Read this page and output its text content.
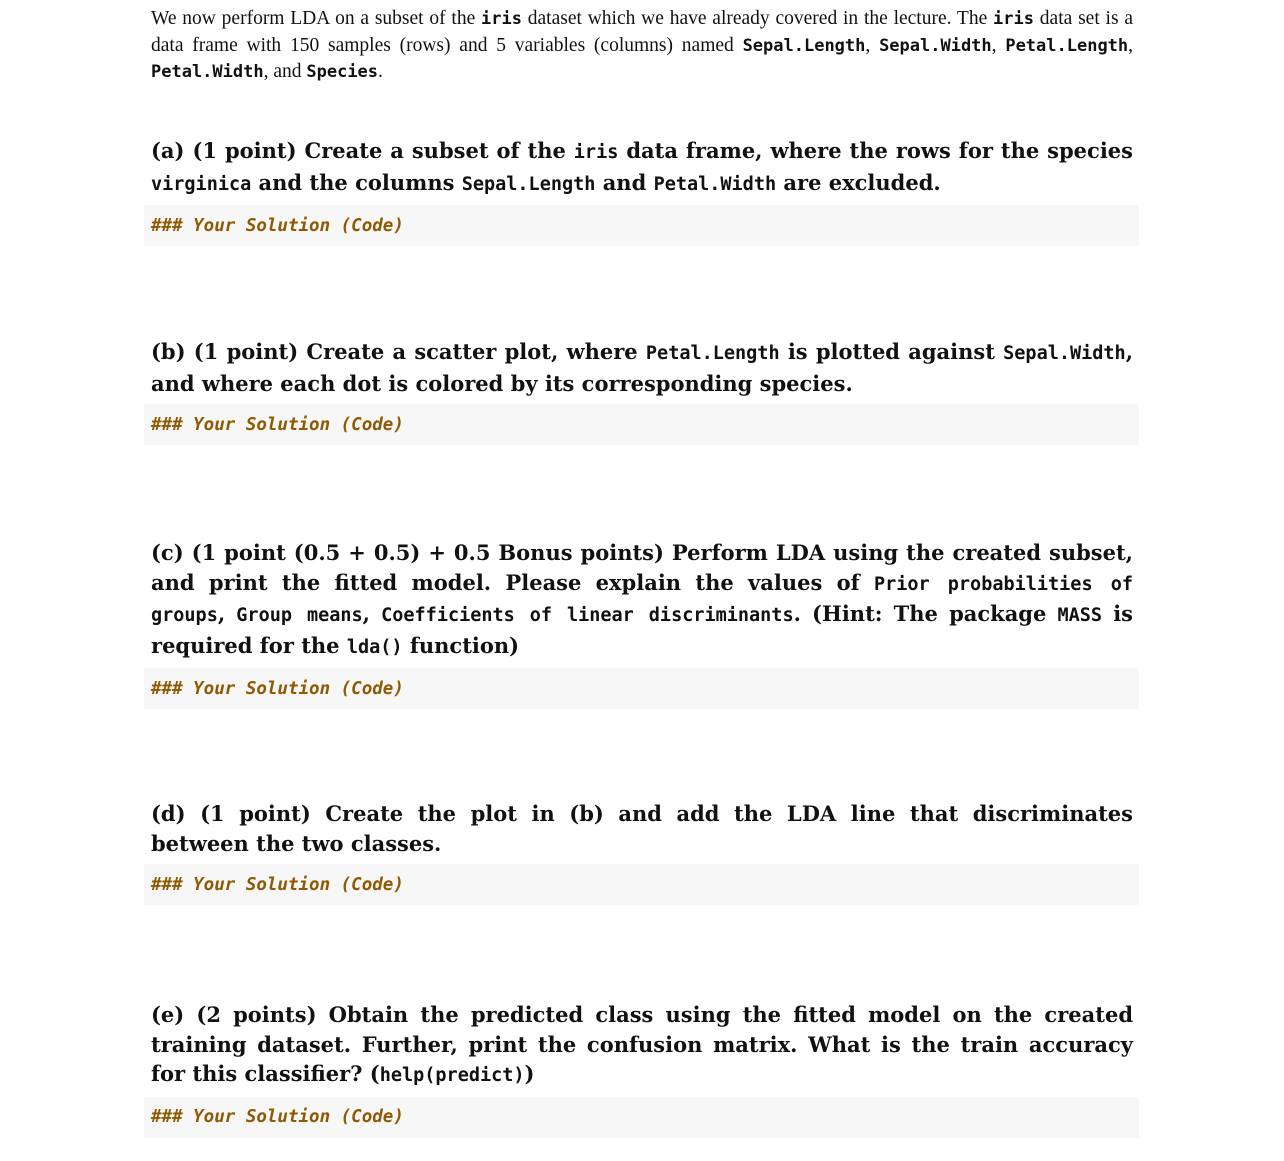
We now perform LDA on a subset of the iris dataset which we have already covered in the lecture. The iris data set is a data frame with 150 samples (rows) and 5 variables (columns) named Sepal.Length, Sepal.Width, Petal.Length, Petal.Width, and Species.

(a) (1 point) Create a subset of the iris data frame, where the rows for the species virginica and the columns Sepal.Length and Petal.Width are excluded.

### Your Solution (Code)

(b) (1 point) Create a scatter plot, where Petal.Length is plotted against Sepal.Width, and where each dot is colored by its corresponding species.

### Your Solution (Code)

(c) (1 point (0.5 + 0.5) + 0.5 Bonus points) Perform LDA using the created subset, and print the fitted model. Please explain the values of Prior probabilities of groups, Group means, Coefficients of linear discriminants. (Hint: The package MASS is required for the lda() function)

### Your Solution (Code)

(d) (1 point) Create the plot in (b) and add the LDA line that discriminates between the two classes.

### Your Solution (Code)

(e) (2 points) Obtain the predicted class using the fitted model on the created training dataset. Further, print the confusion matrix. What is the train accuracy for this classifier? (help(predict))

### Your Solution (Code)
